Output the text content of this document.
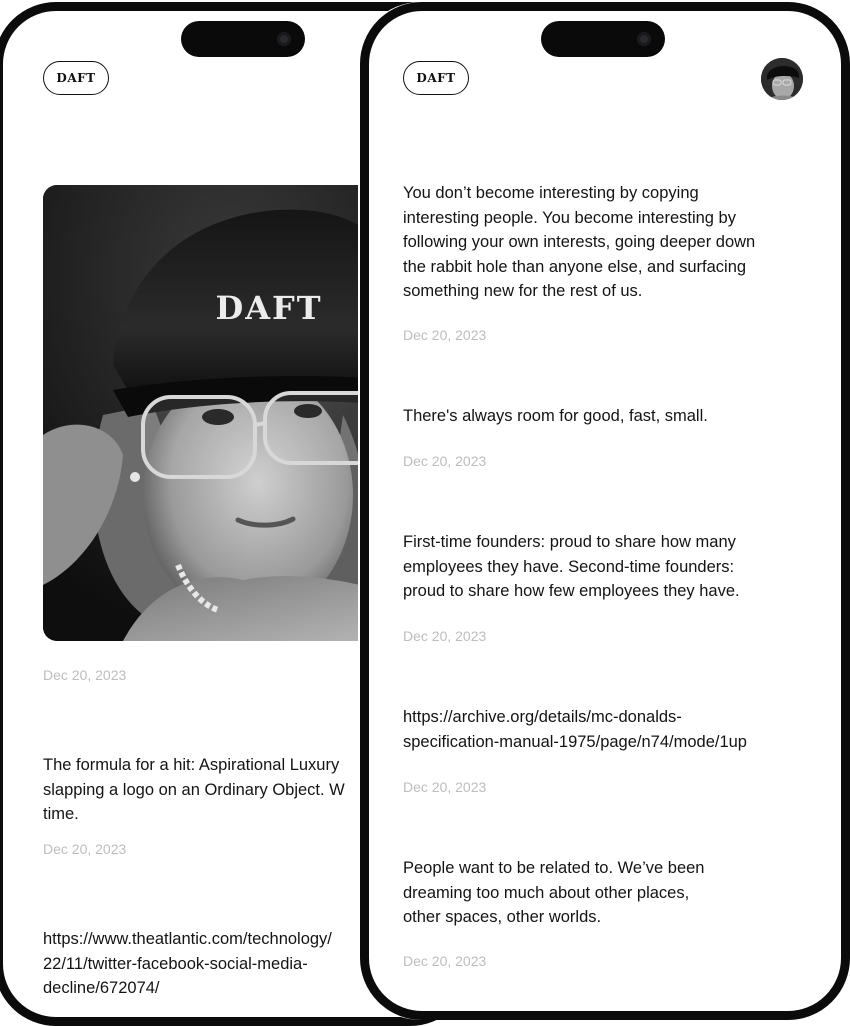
DAFT
DAFT
Dec 20, 2023
The formula for a hit: Aspirational Luxury
slapping a logo on an Ordinary Object. W
time.
Dec 20, 2023
https://www.theatlantic.com/technology/
22/11/twitter-facebook-social-media-
decline/672074/
DAFT
You don’t become interesting by copying
interesting people. You become interesting by
following your own interests, going deeper down
the rabbit hole than anyone else, and surfacing
something new for the rest of us.
Dec 20, 2023
There's always room for good, fast, small.
Dec 20, 2023
First-time founders: proud to share how many
employees they have. Second-time founders:
proud to share how few employees they have.
Dec 20, 2023
https://archive.org/details/mc-donalds-
specification-manual-1975/page/n74/mode/1up
Dec 20, 2023
People want to be related to. We’ve been
dreaming too much about other places,
other spaces, other worlds.
Dec 20, 2023
